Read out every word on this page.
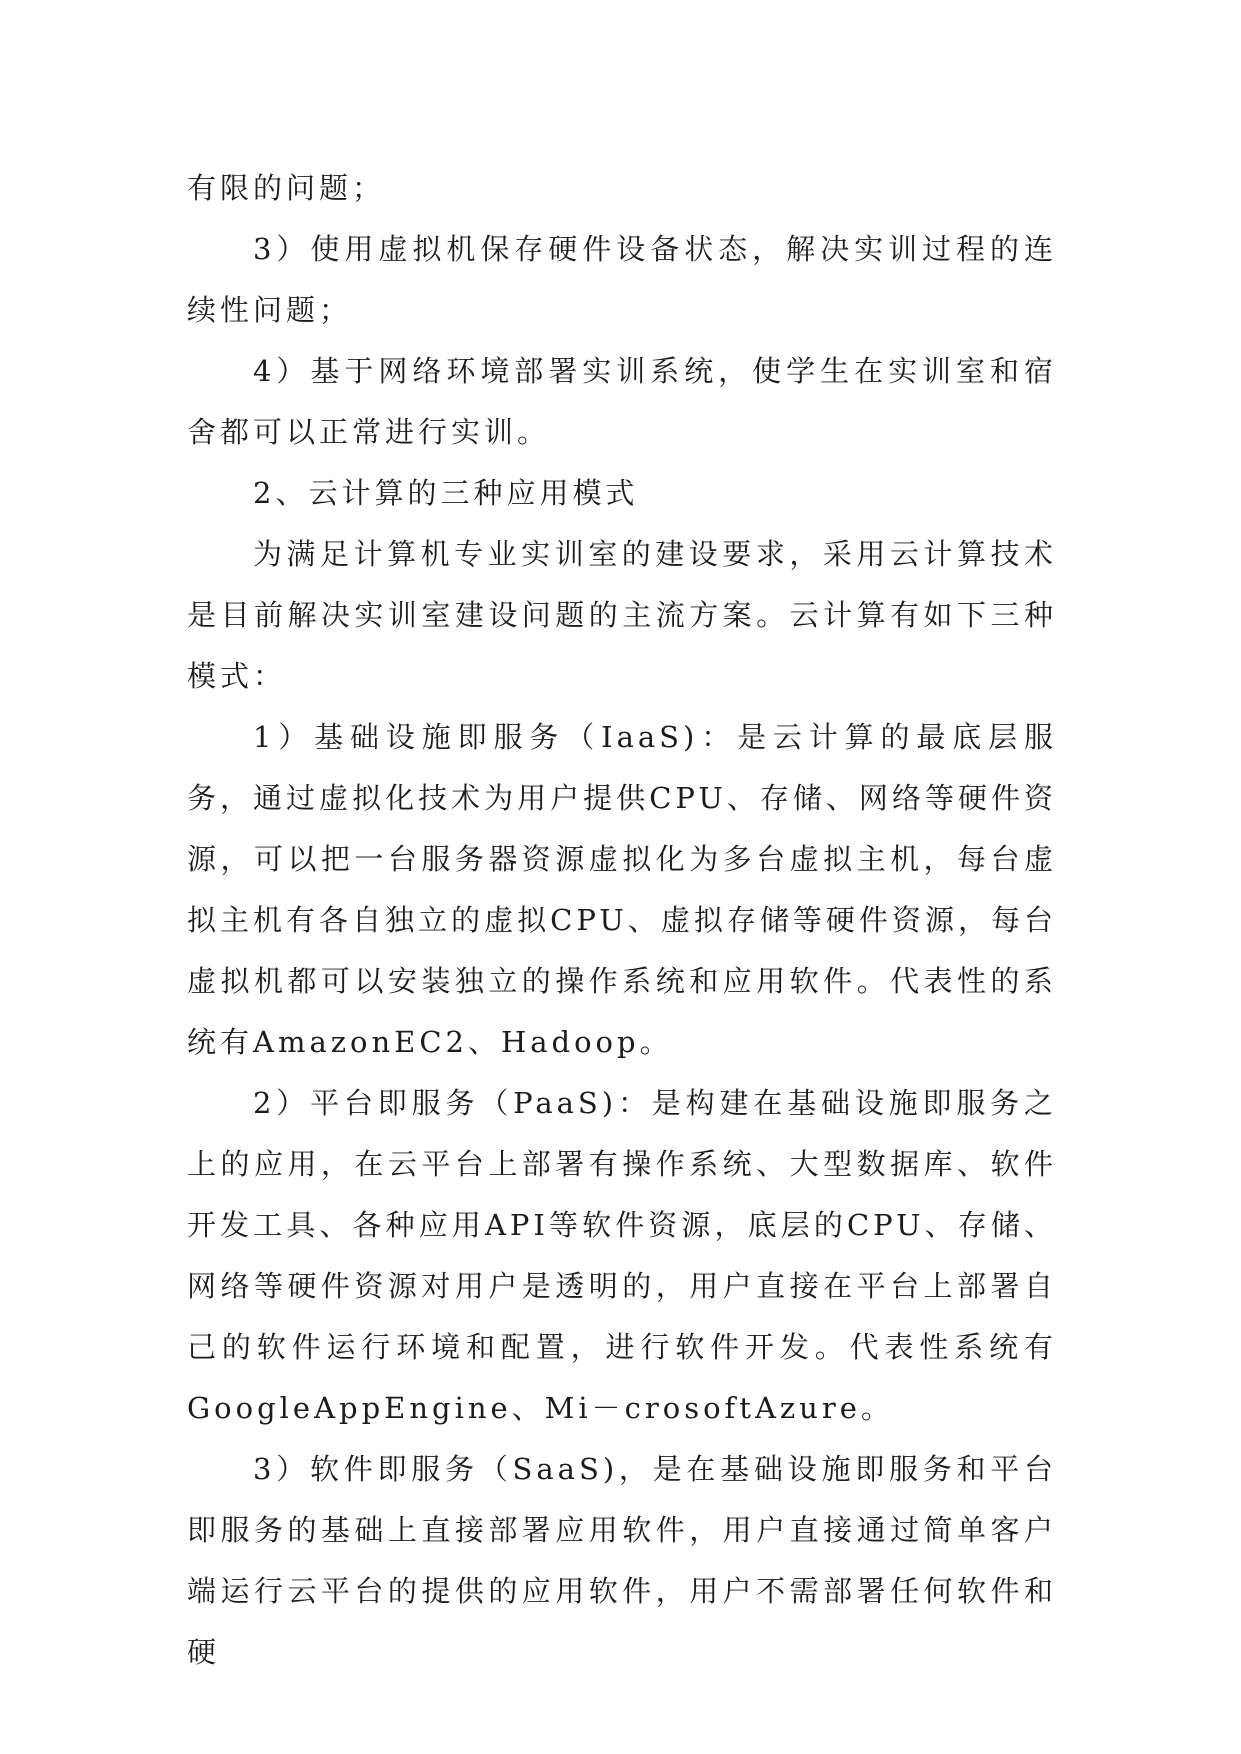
有限的问题；

3）使用虚拟机保存硬件设备状态，解决实训过程的连续性问题；

4）基于网络环境部署实训系统，使学生在实训室和宿舍都可以正常进行实训。

2、云计算的三种应用模式

为满足计算机专业实训室的建设要求，采用云计算技术是目前解决实训室建设问题的主流方案。云计算有如下三种模式：

1）基础设施即服务（IaaS)：是云计算的最底层服务，通过虚拟化技术为用户提供CPU、存储、网络等硬件资源，可以把一台服务器资源虚拟化为多台虚拟主机，每台虚拟主机有各自独立的虚拟CPU、虚拟存储等硬件资源，每台虚拟机都可以安装独立的操作系统和应用软件。代表性的系统有AmazonEC2、Hadoop。

2）平台即服务（PaaS)：是构建在基础设施即服务之上的应用，在云平台上部署有操作系统、大型数据库、软件开发工具、各种应用API等软件资源，底层的CPU、存储、网络等硬件资源对用户是透明的，用户直接在平台上部署自己的软件运行环境和配置，进行软件开发。代表性系统有GoogleAppEngine、Mi－crosoftAzure。

3）软件即服务（SaaS)，是在基础设施即服务和平台即服务的基础上直接部署应用软件，用户直接通过简单客户端运行云平台的提供的应用软件，用户不需部署任何软件和硬
